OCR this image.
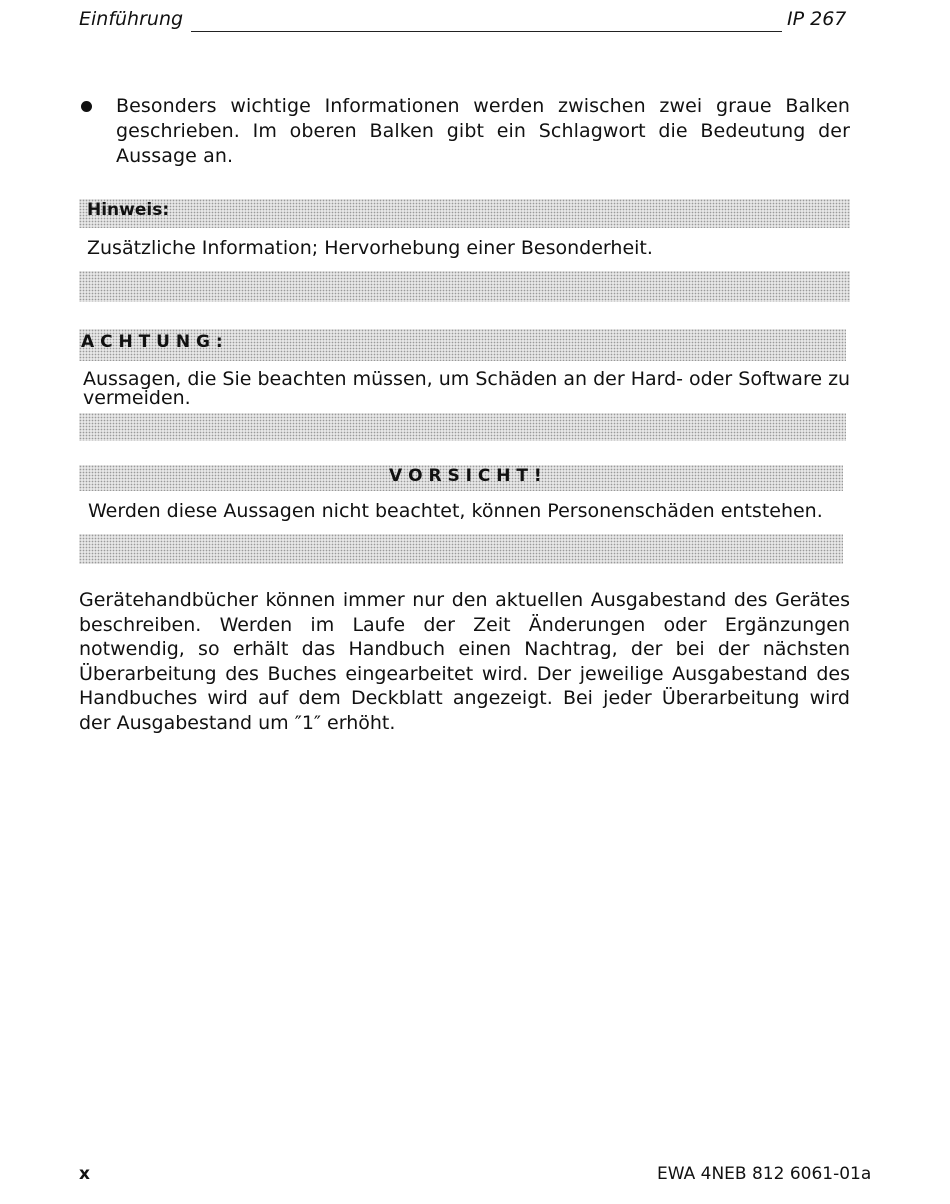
Einführung	IP 267
Besonders wichtige Informationen werden zwischen zwei graue Balken geschrieben. Im oberen Balken gibt ein Schlagwort die Bedeutung der Aussage an.
Hinweis:
Zusätzliche Information; Hervorhebung einer Besonderheit.
A C H T U N G :
Aussagen, die Sie beachten müssen, um Schäden an der Hard- oder Software zu
vermeiden.
V O R S I C H T !
Werden diese Aussagen nicht beachtet, können Personenschäden entstehen.
Gerätehandbücher können immer nur den aktuellen Ausgabestand des Gerätes beschreiben. Werden im Laufe der Zeit Änderungen oder Ergänzungen notwendig, so erhält das Handbuch einen Nachtrag, der bei der nächsten Überarbeitung des Buches eingearbeitet wird. Der jeweilige Ausgabestand des Handbuches wird auf dem Deckblatt angezeigt. Bei jeder Überarbeitung wird der Ausgabestand um ″1″ erhöht.
x	EWA 4NEB 812 6061-01a
